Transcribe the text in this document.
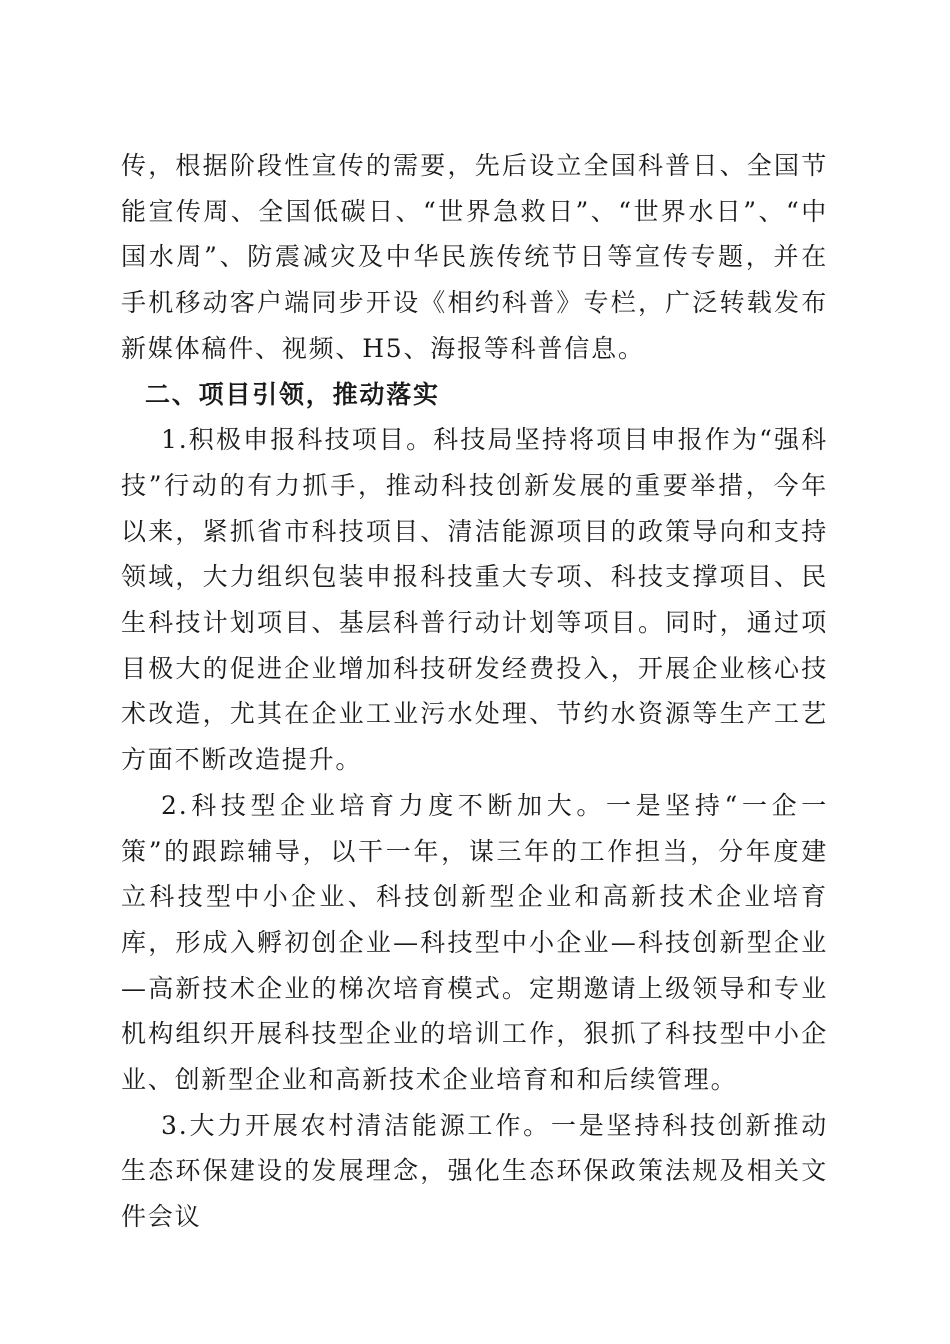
传，根据阶段性宣传的需要，先后设立全国科普日、全国节能宣传周、全国低碳日、“世界急救日”、“世界水日”、“中国水周”、防震减灾及中华民族传统节日等宣传专题，并在手机移动客户端同步开设《相约科普》专栏，广泛转载发布新媒体稿件、视频、H5、海报等科普信息。

二、项目引领，推动落实

1.积极申报科技项目。科技局坚持将项目申报作为“强科技”行动的有力抓手，推动科技创新发展的重要举措，今年以来，紧抓省市科技项目、清洁能源项目的政策导向和支持领域，大力组织包装申报科技重大专项、科技支撑项目、民生科技计划项目、基层科普行动计划等项目。同时，通过项目极大的促进企业增加科技研发经费投入，开展企业核心技术改造，尤其在企业工业污水处理、节约水资源等生产工艺方面不断改造提升。

2.科技型企业培育力度不断加大。一是坚持“一企一策”的跟踪辅导，以干一年，谋三年的工作担当，分年度建立科技型中小企业、科技创新型企业和高新技术企业培育库，形成入孵初创企业—科技型中小企业—科技创新型企业—高新技术企业的梯次培育模式。定期邀请上级领导和专业机构组织开展科技型企业的培训工作，狠抓了科技型中小企业、创新型企业和高新技术企业培育和和后续管理。

3.大力开展农村清洁能源工作。一是坚持科技创新推动生态环保建设的发展理念，强化生态环保政策法规及相关文件会议
